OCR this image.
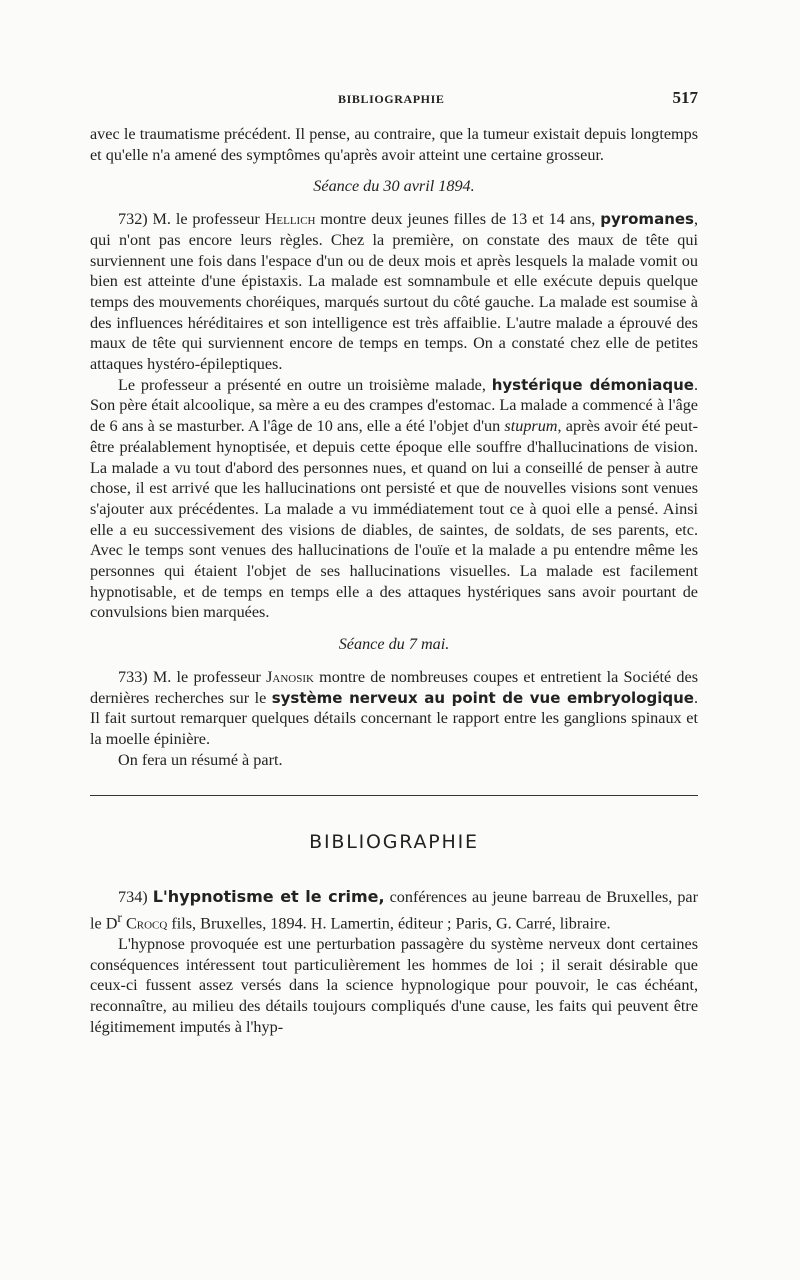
BIBLIOGRAPHIE	517

avec le traumatisme précédent. Il pense, au contraire, que la tumeur existait depuis longtemps et qu'elle n'a amené des symptômes qu'après avoir atteint une certaine grosseur.

Séance du 30 avril 1894.

732) M. le professeur Hellich montre deux jeunes filles de 13 et 14 ans, pyromanes, qui n'ont pas encore leurs règles. Chez la première, on constate des maux de tête qui surviennent une fois dans l'espace d'un ou de deux mois et après lesquels la malade vomit ou bien est atteinte d'une épistaxis. La malade est somnambule et elle exécute depuis quelque temps des mouvements choréiques, marqués surtout du côté gauche. La malade est soumise à des influences héréditaires et son intelligence est très affaiblie. L'autre malade a éprouvé des maux de tête qui surviennent encore de temps en temps. On a constaté chez elle de petites attaques hystéro-épileptiques.

Le professeur a présenté en outre un troisième malade, hystérique démoniaque. Son père était alcoolique, sa mère a eu des crampes d'estomac. La malade a commencé à l'âge de 6 ans à se masturber. A l'âge de 10 ans, elle a été l'objet d'un stuprum, après avoir été peut-être préalablement hynoptisée, et depuis cette époque elle souffre d'hallucinations de vision. La malade a vu tout d'abord des personnes nues, et quand on lui a conseillé de penser à autre chose, il est arrivé que les hallucinations ont persisté et que de nouvelles visions sont venues s'ajouter aux précédentes. La malade a vu immédiatement tout ce à quoi elle a pensé. Ainsi elle a eu successivement des visions de diables, de saintes, de soldats, de ses parents, etc. Avec le temps sont venues des hallucinations de l'ouïe et la malade a pu entendre même les personnes qui étaient l'objet de ses hallucinations visuelles. La malade est facilement hypnotisable, et de temps en temps elle a des attaques hystériques sans avoir pourtant de convulsions bien marquées.

Séance du 7 mai.

733) M. le professeur Janosik montre de nombreuses coupes et entretient la Société des dernières recherches sur le système nerveux au point de vue embryologique. Il fait surtout remarquer quelques détails concernant le rapport entre les ganglions spinaux et la moelle épinière.

On fera un résumé à part.

BIBLIOGRAPHIE

734) L'hypnotisme et le crime, conférences au jeune barreau de Bruxelles, par le $D^r$ Crocq fils, Bruxelles, 1894. H. Lamertin, éditeur ; Paris, G. Carré, libraire.

L'hypnose provoquée est une perturbation passagère du système nerveux dont certaines conséquences intéressent tout particulièrement les hommes de loi ; il serait désirable que ceux-ci fussent assez versés dans la science hypnologique pour pouvoir, le cas échéant, reconnaître, au milieu des détails toujours compliqués d'une cause, les faits qui peuvent être légitimement imputés à l'hyp-
